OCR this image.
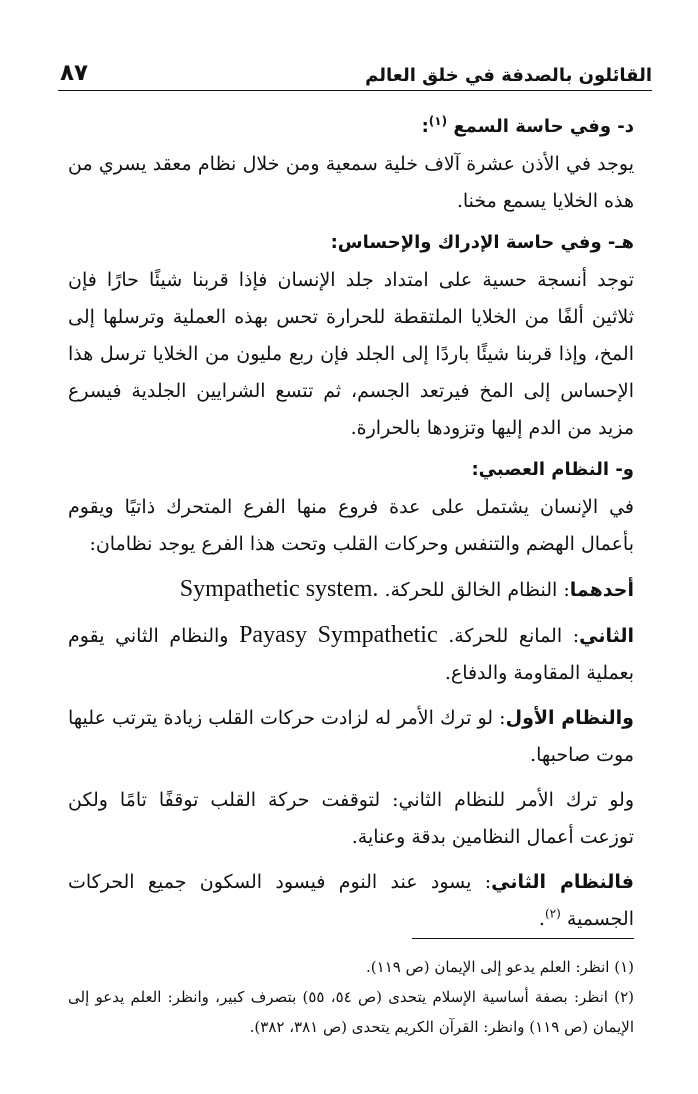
٨٧	القائلون بالصدفة في خلق العالم

د- وفي حاسة السمع $^{(١)}$:

يوجد في الأذن عشرة آلاف خلية سمعية ومن خلال نظام معقد يسري من هذه الخلايا يسمع مخنا.

هـ- وفي حاسة الإدراك والإحساس:

توجد أنسجة حسية على امتداد جلد الإنسان فإذا قربنا شيئًا حارًا فإن ثلاثين ألفًا من الخلايا الملتقطة للحرارة تحس بهذه العملية وترسلها إلى المخ، وإذا قربنا شيئًا باردًا إلى الجلد فإن ربع مليون من الخلايا ترسل هذا الإحساس إلى المخ فيرتعد الجسم، ثم تتسع الشرايين الجلدية فيسرع مزيد من الدم إليها وتزودها بالحرارة.

و- النظام العصبي:

في الإنسان يشتمل على عدة فروع منها الفرع المتحرك ذاتيًا ويقوم بأعمال الهضم والتنفس وحركات القلب وتحت هذا الفرع يوجد نظامان:

أحدهما: النظام الخالق للحركة. Sympathetic system.

الثاني: المانع للحركة. Payasy Sympathetic والنظام الثاني يقوم بعملية المقاومة والدفاع.

والنظام الأول: لو ترك الأمر له لزادت حركات القلب زيادة يترتب عليها موت صاحبها.

ولو ترك الأمر للنظام الثاني: لتوقفت حركة القلب توقفًا تامًا ولكن توزعت أعمال النظامين بدقة وعناية.

فالنظام الثاني: يسود عند النوم فيسود السكون جميع الحركات الجسمية $^{(٢)}$.

(١) انظر: العلم يدعو إلى الإيمان (ص ١١٩).

(٢) انظر: بصفة أساسية الإسلام يتحدى (ص ٥٤، ٥٥) بتصرف كبير، وانظر: العلم يدعو إلى الإيمان (ص ١١٩) وانظر: القرآن الكريم يتحدى (ص ٣٨١، ٣٨٢).
